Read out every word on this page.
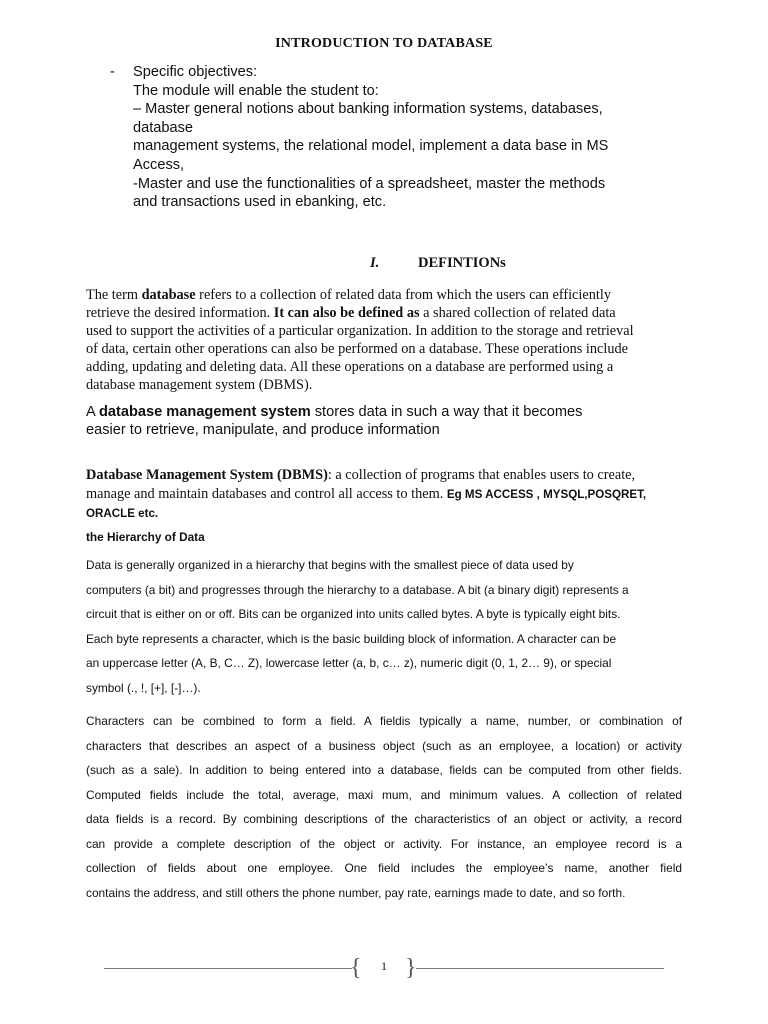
INTRODUCTION TO DATABASE
- Specific objectives:
The module will enable the student to:
– Master general notions about banking information systems, databases,
database
management systems, the relational model, implement a data base in MS
Access,
-Master and use the functionalities of a spreadsheet, master the methods
and transactions used in ebanking, etc.
I.	DEFINTIONs
The term database refers to a collection of related data from which the users can efficiently
retrieve the desired information. It can also be defined as a shared collection of related data
used to support the activities of a particular organization. In addition to the storage and retrieval
of data, certain other operations can also be performed on a database. These operations include
adding, updating and deleting data. All these operations on a database are performed using a
database management system (DBMS).
A database management system stores data in such a way that it becomes
easier to retrieve, manipulate, and produce information
Database Management System (DBMS): a collection of programs that enables users to create,
manage and maintain databases and control all access to them. Eg MS ACCESS , MYSQL,POSQRET,
ORACLE etc.
the Hierarchy of Data
Data is generally organized in a hierarchy that begins with the smallest piece of data used by
computers (a bit) and progresses through the hierarchy to a database. A bit (a binary digit) represents a
circuit that is either on or off. Bits can be organized into units called bytes. A byte is typically eight bits.
Each byte represents a character, which is the basic building block of information. A character can be
an uppercase letter (A, B, C… Z), lowercase letter (a, b, c… z), numeric digit (0, 1, 2… 9), or special
symbol (., !, [+], [-]…).
Characters can be combined to form a field. A fieldis typically a name, number, or combination of
characters that describes an aspect of a business object (such as an employee, a location) or activity
(such as a sale). In addition to being entered into a database, fields can be computed from other fields.
Computed fields include the total, average, maxi mum, and minimum values. A collection of related
data fields is a record. By combining descriptions of the characteristics of an object or activity, a record
can provide a complete description of the object or activity. For instance, an employee record is a
collection of fields about one employee. One field includes the employee’s name, another field
contains the address, and still others the phone number, pay rate, earnings made to date, and so forth.
{	1 }
